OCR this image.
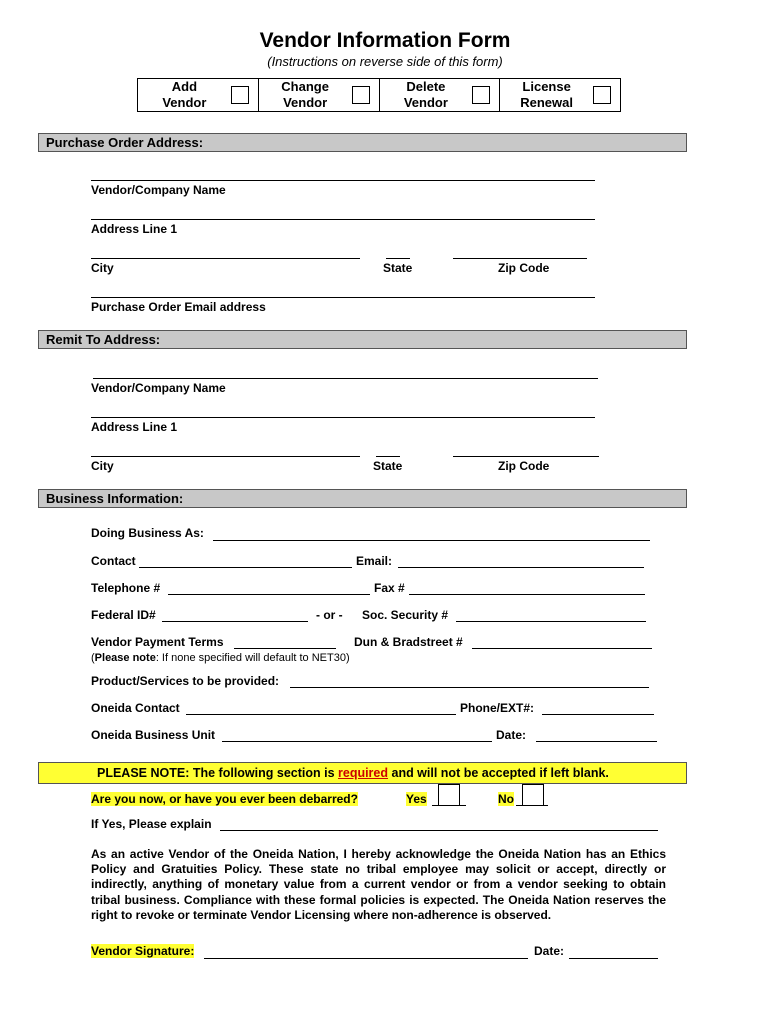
Vendor Information Form
(Instructions on reverse side of this form)
Add
Vendor
Change
Vendor
Delete
Vendor
License
Renewal
Purchase Order Address:
Vendor/Company Name
Address Line 1
City	State	Zip Code
Purchase Order Email address
Remit To Address:
Vendor/Company Name
Address Line 1
City	State	Zip Code
Business Information:
Doing Business As:
Contact	Email:
Telephone #	Fax #
Federal ID#	- or - Soc. Security #
Vendor Payment Terms	Dun & Bradstreet #
(Please note: If none specified will default to NET30)
Product/Services to be provided:
Oneida Contact	Phone/EXT#:
Oneida Business Unit	Date:
PLEASE NOTE: The following section is required and will not be accepted if left blank.
Are you now, or have you ever been debarred?	Yes	No
If Yes, Please explain
As an active Vendor of the Oneida Nation, I hereby acknowledge the Oneida Nation has an Ethics Policy and Gratuities Policy. These state no tribal employee may solicit or accept, directly or indirectly, anything of monetary value from a current vendor or from a vendor seeking to obtain tribal business. Compliance with these formal policies is expected. The Oneida Nation reserves the right to revoke or terminate Vendor Licensing where non-adherence is observed.
Vendor Signature:	Date:
